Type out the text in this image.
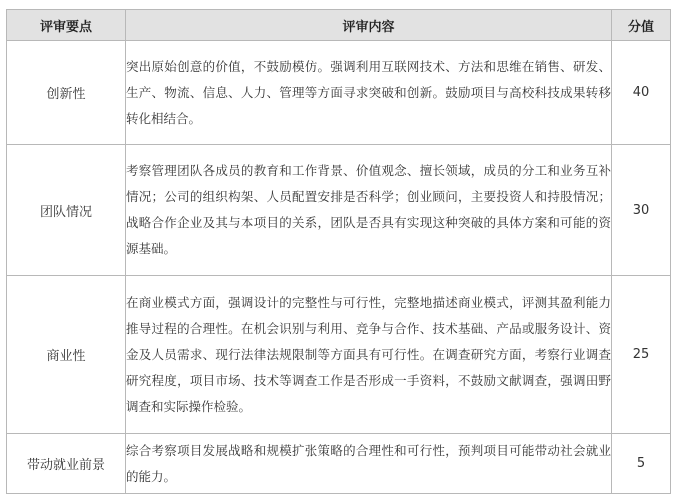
评审要点	评审内容	分值
创新性	突出原始创意的价值，不鼓励模仿。强调利用互联网技术、方法和思维在销售、研发、生产、物流、信息、人力、管理等方面寻求突破和创新。鼓励项目与高校科技成果转移转化相结合。	40
团队情况	考察管理团队各成员的教育和工作背景、价值观念、擅长领域，成员的分工和业务互补情况；公司的组织构架、人员配置安排是否科学；创业顾问，主要投资人和持股情况；战略合作企业及其与本项目的关系，团队是否具有实现这种突破的具体方案和可能的资源基础。	30
商业性	在商业模式方面，强调设计的完整性与可行性，完整地描述商业模式，评测其盈利能力推导过程的合理性。在机会识别与利用、竞争与合作、技术基础、产品或服务设计、资金及人员需求、现行法律法规限制等方面具有可行性。在调查研究方面，考察行业调查研究程度，项目市场、技术等调查工作是否形成一手资料，不鼓励文献调查，强调田野调查和实际操作检验。	25
带动就业前景	综合考察项目发展战略和规模扩张策略的合理性和可行性，预判项目可能带动社会就业的能力。	5
